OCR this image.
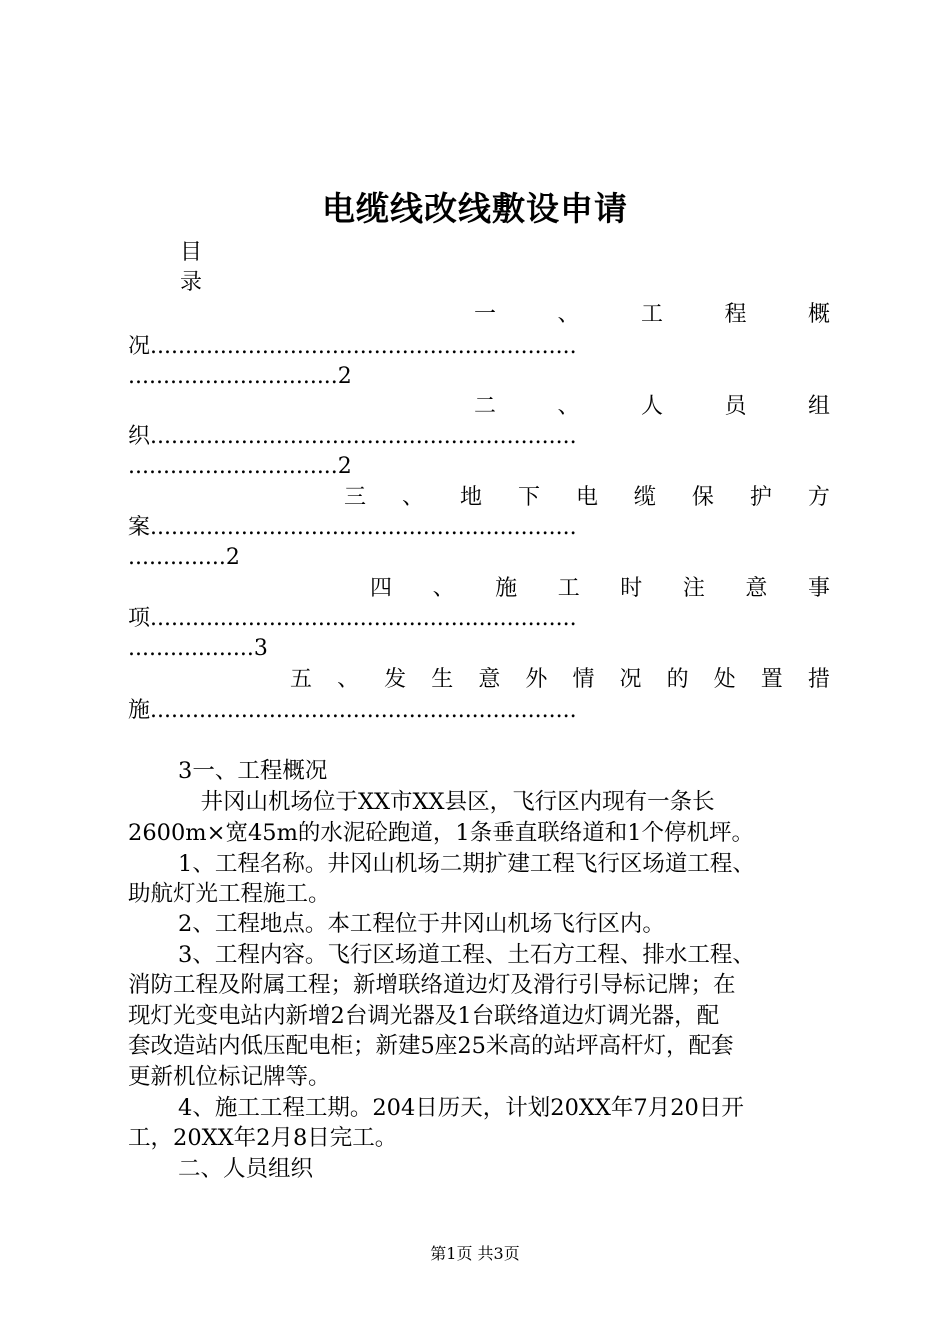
电缆线改线敷设申请
目
录
一	、	工	程	概
况.............................................................
..............................2
二	、	人	员	组
织.............................................................
..............................2
三 、 地 下 电 缆 保 护 方
案.............................................................
..............2
四 、 施 工 时 注 意 事
项.............................................................
..................3
五 、 发 生 意 外 情 况 的 处 置 措
施.............................................................
3一、工程概况
　井冈山机场位于XX市XX县区，飞行区内现有一条长
2600m×宽45m的水泥砼跑道，1条垂直联络道和1个停机坪。
1、工程名称。井冈山机场二期扩建工程飞行区场道工程、
助航灯光工程施工。
2、工程地点。本工程位于井冈山机场飞行区内。
3、工程内容。飞行区场道工程、土石方工程、排水工程、
消防工程及附属工程；新增联络道边灯及滑行引导标记牌；在
现灯光变电站内新增2台调光器及1台联络道边灯调光器，配
套改造站内低压配电柜；新建5座25米高的站坪高杆灯，配套
更新机位标记牌等。
4、施工工程工期。204日历天，计划20XX年7月20日开
工，20XX年2月8日完工。
二、人员组织
第1页 共3页
